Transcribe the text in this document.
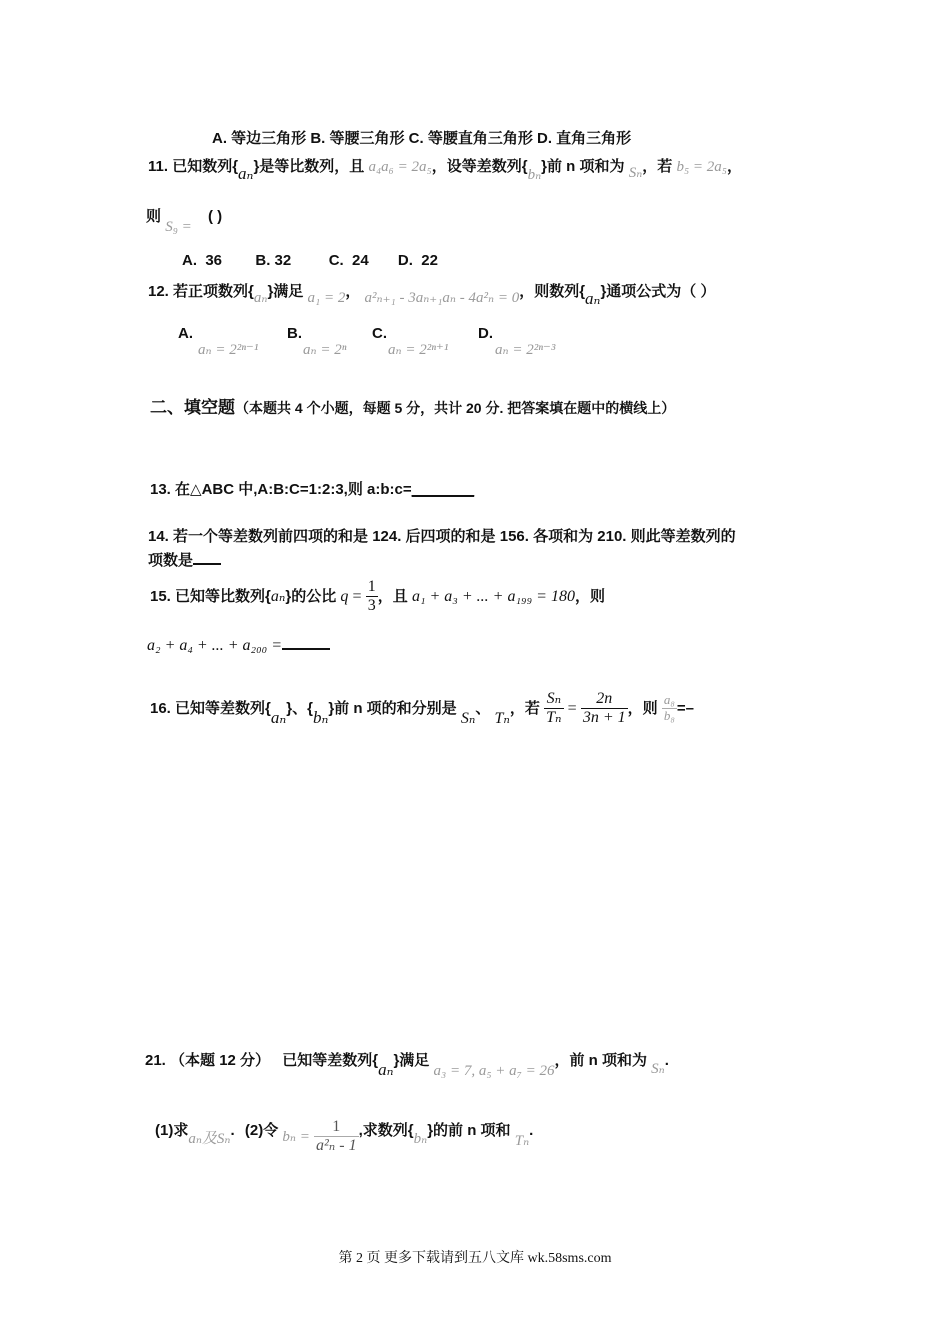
A. 等边三角形 B. 等腰三角形 C. 等腰直角三角形 D. 直角三角形
11. 已知数列{aₙ}是等比数列，且 a₄a₆ = 2a₅，设等差数列{bₙ}前 n 项和为 Sₙ，若 b₅ = 2a₅，
则 S₉ = ( )
A.  36        B. 32         C.  24       D.  22
12. 若正项数列{aₙ}满足 a₁ = 2， a²ₙ₊₁ - 3aₙ₊₁aₙ - 4a²ₙ = 0，则数列{aₙ}通项公式为（ ）
A.
aₙ = 2²ⁿ⁻¹
B.
aₙ = 2ⁿ
C.
aₙ = 2²ⁿ⁺¹
D.
aₙ = 2²ⁿ⁻³
二、填空题（本题共 4 个小题，每题 5 分，共计 20 分. 把答案填在题中的横线上）
13. 在△ABC 中,A:B:C=1:2:3,则 a:b:c=__ _____
14. 若一个等差数列前四项的和是 124. 后四项的和是 156. 各项和为 210. 则此等差数列的
项数是
15. 已知等比数列{aₙ}的公比 $q = \frac{1}{3}$ ，且 a₁ + a₃ + ... + a₁₉₉ = 180，则
a₂ + a₄ + ... + a₂₀₀ =
16. 已知等差数列{aₙ}、{bₙ}前 n 项的和分别是 Sₙ、 Tₙ，若 $\frac{\text{Sₙ}}{\text{Tₙ}} = \frac{2n}{3n + 1}$ ，则 $\frac{\text{a₈}}{\text{b₈}}$ =–
21. （本题 12 分） 已知等差数列{aₙ}满足 a₃ = 7, a₅ + a₇ = 26，前 n 项和为 Sₙ.
(1)求aₙ及Sₙ. (2)令 $b_n = \frac{1}{\text{a²ₙ - 1}}$ ,求数列{bₙ}的前 n 项和 Tₙ.
第 2 页 更多下载请到五八文库 wk.58sms.com
